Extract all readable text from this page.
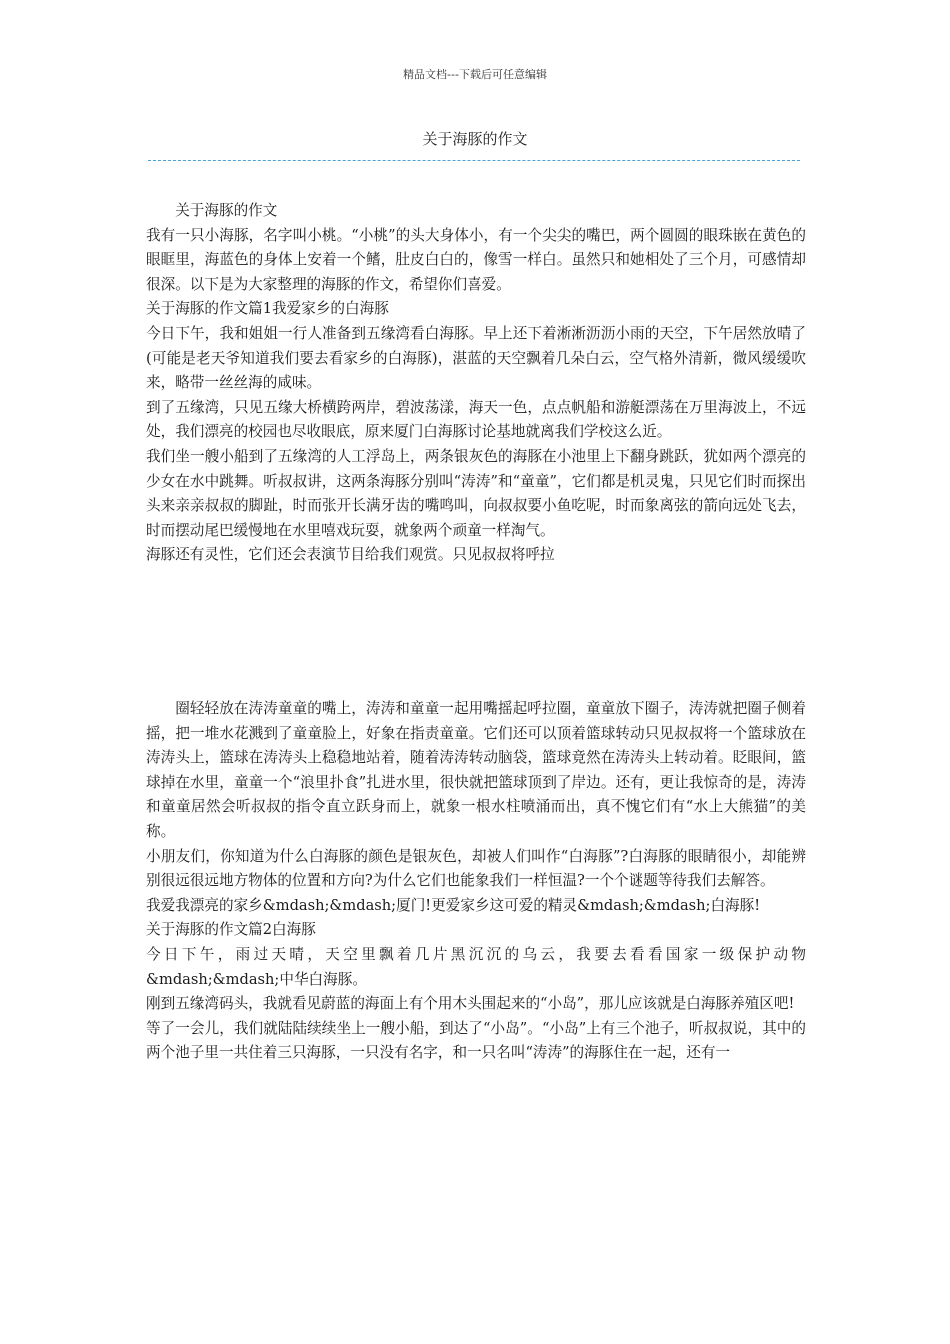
精品文档---下载后可任意编辑
关于海豚的作文

关于海豚的作文

我有一只小海豚，名字叫小桃。“小桃”的头大身体小，有一个尖尖的嘴巴，两个圆圆的眼珠嵌在黄色的眼眶里，海蓝色的身体上安着一个鳍，肚皮白白的，像雪一样白。虽然只和她相处了三个月，可感情却很深。以下是为大家整理的海豚的作文，希望你们喜爱。

关于海豚的作文篇1我爱家乡的白海豚

今日下午，我和姐姐一行人准备到五缘湾看白海豚。早上还下着淅淅沥沥小雨的天空，下午居然放晴了(可能是老天爷知道我们要去看家乡的白海豚)，湛蓝的天空飘着几朵白云，空气格外清新，微风缓缓吹来，略带一丝丝海的咸味。

到了五缘湾，只见五缘大桥横跨两岸，碧波荡漾，海天一色，点点帆船和游艇漂荡在万里海波上，不远处，我们漂亮的校园也尽收眼底，原来厦门白海豚讨论基地就离我们学校这么近。

我们坐一艘小船到了五缘湾的人工浮岛上，两条银灰色的海豚在小池里上下翻身跳跃，犹如两个漂亮的少女在水中跳舞。听叔叔讲，这两条海豚分别叫“涛涛”和“童童”，它们都是机灵鬼，只见它们时而探出头来亲亲叔叔的脚趾，时而张开长满牙齿的嘴鸣叫，向叔叔要小鱼吃呢，时而象离弦的箭向远处飞去，时而摆动尾巴缓慢地在水里嘻戏玩耍，就象两个顽童一样淘气。

海豚还有灵性，它们还会表演节目给我们观赏。只见叔叔将呼拉

圈轻轻放在涛涛童童的嘴上，涛涛和童童一起用嘴摇起呼拉圈，童童放下圈子，涛涛就把圈子侧着摇，把一堆水花溅到了童童脸上，好象在指责童童。它们还可以顶着篮球转动只见叔叔将一个篮球放在涛涛头上，篮球在涛涛头上稳稳地站着，随着涛涛转动脑袋，篮球竟然在涛涛头上转动着。眨眼间，篮球掉在水里，童童一个“浪里扑食”扎进水里，很快就把篮球顶到了岸边。还有，更让我惊奇的是，涛涛和童童居然会听叔叔的指令直立跃身而上，就象一根水柱喷涌而出，真不愧它们有“水上大熊猫”的美称。

小朋友们，你知道为什么白海豚的颜色是银灰色，却被人们叫作“白海豚”?白海豚的眼睛很小，却能辨别很远很远地方物体的位置和方向?为什么它们也能象我们一样恒温?一个个谜题等待我们去解答。

我爱我漂亮的家乡&mdash;&mdash;厦门!更爱家乡这可爱的精灵&mdash;&mdash;白海豚!

关于海豚的作文篇2白海豚

今日下午，雨过天晴，天空里飘着几片黑沉沉的乌云，我要去看看国家一级保护动物&mdash;&mdash;中华白海豚。

刚到五缘湾码头，我就看见蔚蓝的海面上有个用木头围起来的“小岛”，那儿应该就是白海豚养殖区吧!

等了一会儿，我们就陆陆续续坐上一艘小船，到达了“小岛”。“小岛”上有三个池子，听叔叔说，其中的两个池子里一共住着三只海豚，一只没有名字，和一只名叫“涛涛”的海豚住在一起，还有一
